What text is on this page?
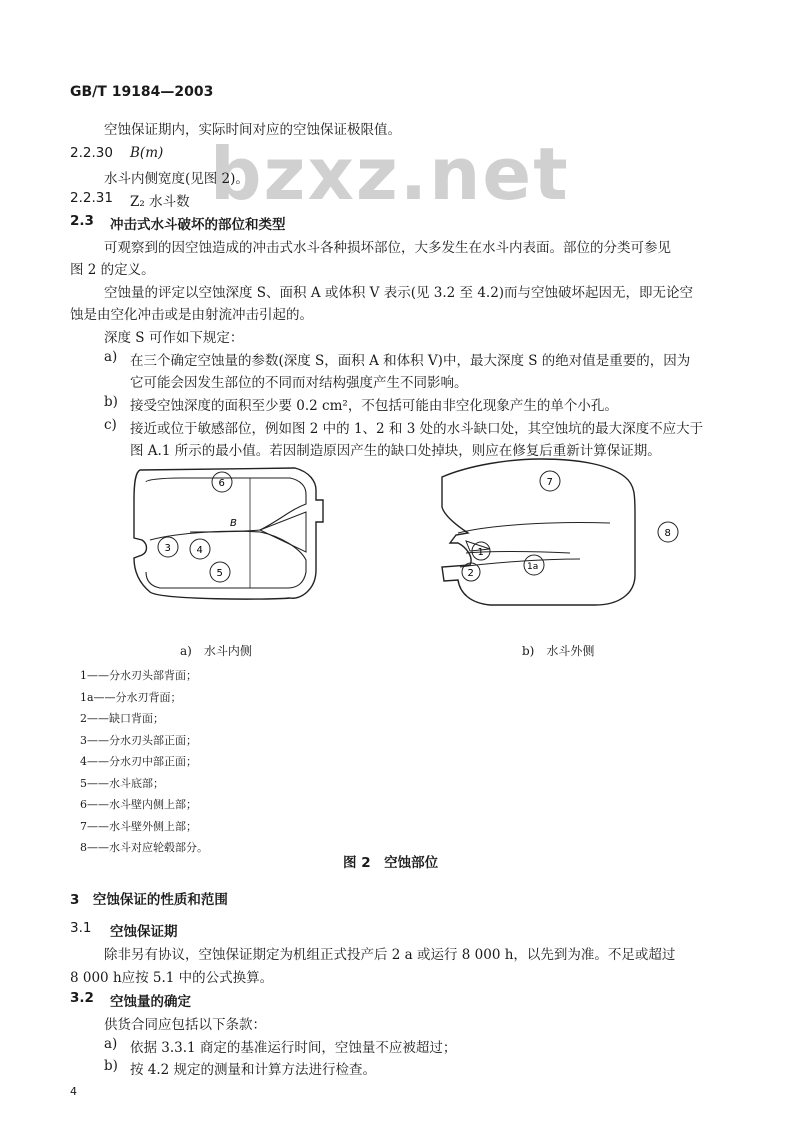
GB/T 19184—2003
bzxz.net
空蚀保证期内，实际时间对应的空蚀保证极限值。
2.2.30 B(m)
水斗内侧宽度(见图 2)。
2.2.31 Z₂ 水斗数
2.3 冲击式水斗破坏的部位和类型
可观察到的因空蚀造成的冲击式水斗各种损坏部位，大多发生在水斗内表面。部位的分类可参见
图 2 的定义。
空蚀量的评定以空蚀深度 S、面积 A 或体积 V 表示(见 3.2 至 4.2)而与空蚀破坏起因无，即无论空
蚀是由空化冲击或是由射流冲击引起的。
深度 S 可作如下规定：
a) 在三个确定空蚀量的参数(深度 S，面积 A 和体积 V)中，最大深度 S 的绝对值是重要的，因为
它可能会因发生部位的不同而对结构强度产生不同影响。
b) 接受空蚀深度的面积至少要 0.2 cm²，不包括可能由非空化现象产生的单个小孔。
c) 接近或位于敏感部位，例如图 2 中的 1、2 和 3 处的水斗缺口处，其空蚀坑的最大深度不应大于
图 A.1 所示的最小值。若因制造原因产生的缺口处掉块，则应在修复后重新计算保证期。
B
6
3	4
5
7
1
1a
2
8
a)　水斗内侧	b)　水斗外侧
1——分水刃头部背面；
1a——分水刃背面；
2——缺口背面；
3——分水刃头部正面；
4——分水刃中部正面；
5——水斗底部；
6——水斗壁内侧上部；
7——水斗壁外侧上部；
8——水斗对应轮毂部分。
图 2　空蚀部位
3　空蚀保证的性质和范围
3.1 空蚀保证期
除非另有协议，空蚀保证期定为机组正式投产后 2 a 或运行 8 000 h，以先到为准。不足或超过
8 000 h应按 5.1 中的公式换算。
3.2 空蚀量的确定
供货合同应包括以下条款：
a) 依据 3.3.1 商定的基准运行时间，空蚀量不应被超过；
b) 按 4.2 规定的测量和计算方法进行检查。
4
